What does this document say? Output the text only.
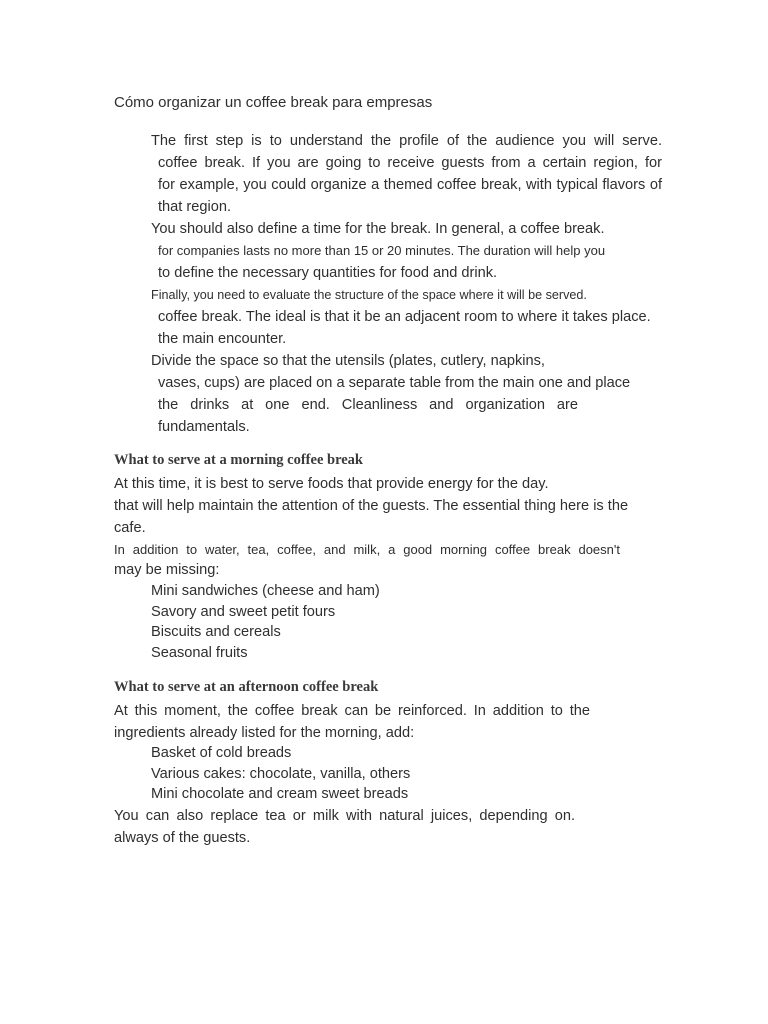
Cómo organizar un coffee break para empresas
The first step is to understand the profile of the audience you will serve.
coffee break. If you are going to receive guests from a certain region, for
for example, you could organize a themed coffee break, with typical flavors of
that region.
You should also define a time for the break. In general, a coffee break.
for companies lasts no more than 15 or 20 minutes. The duration will help you
to define the necessary quantities for food and drink.
Finally, you need to evaluate the structure of the space where it will be served.
coffee break. The ideal is that it be an adjacent room to where it takes place.
the main encounter.
Divide the space so that the utensils (plates, cutlery, napkins,
vases, cups) are placed on a separate table from the main one and place
the drinks at one end. Cleanliness and organization are
fundamentals.
What to serve at a morning coffee break
At this time, it is best to serve foods that provide energy for the day.
that will help maintain the attention of the guests. The essential thing here is the
cafe.
In addition to water, tea, coffee, and milk, a good morning coffee break doesn't
may be missing:
Mini sandwiches (cheese and ham)
Savory and sweet petit fours
Biscuits and cereals
Seasonal fruits
What to serve at an afternoon coffee break
At this moment, the coffee break can be reinforced. In addition to the
ingredients already listed for the morning, add:
Basket of cold breads
Various cakes: chocolate, vanilla, others
Mini chocolate and cream sweet breads
You can also replace tea or milk with natural juices, depending on.
always of the guests.
